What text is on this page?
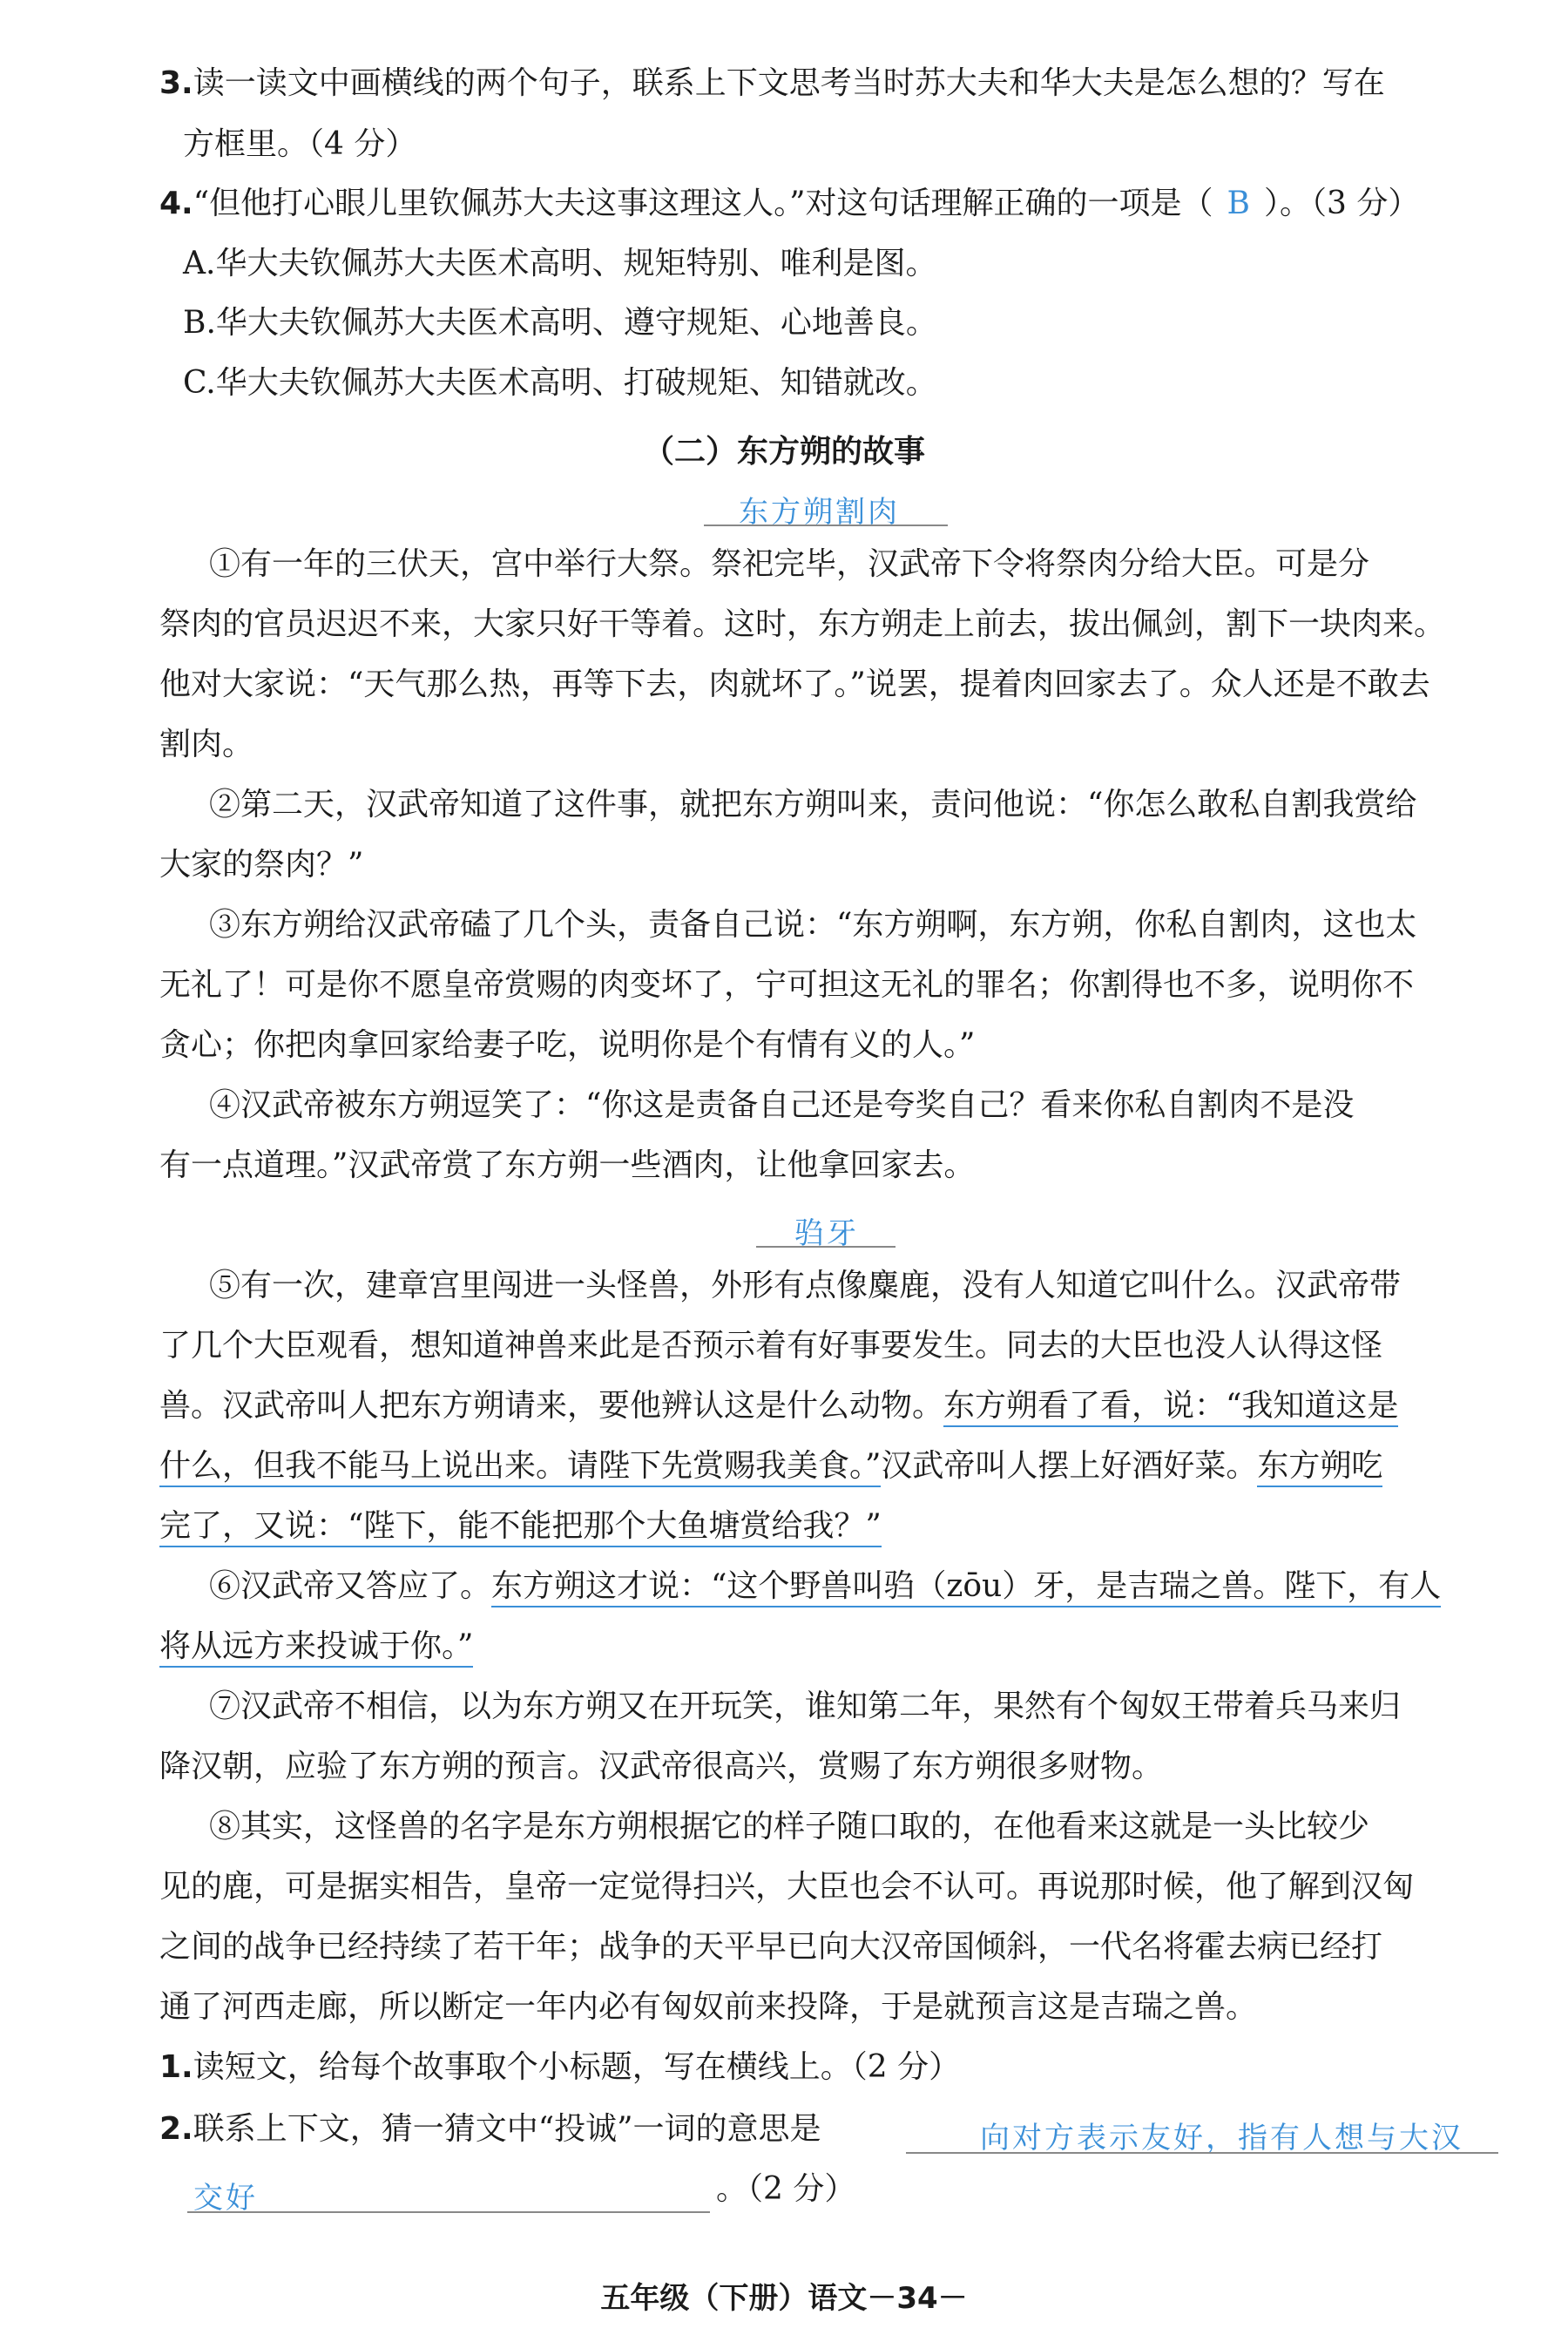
3.读一读文中画横线的两个句子，联系上下文思考当时苏大夫和华大夫是怎么想的？写在
方框里。（4 分）
4.“但他打心眼儿里钦佩苏大夫这事这理这人。”对这句话理解正确的一项是（ B ）。（3 分）
A.华大夫钦佩苏大夫医术高明、规矩特别、唯利是图。
B.华大夫钦佩苏大夫医术高明、遵守规矩、心地善良。
C.华大夫钦佩苏大夫医术高明、打破规矩、知错就改。
（二）东方朔的故事
东方朔割肉
①有一年的三伏天，宫中举行大祭。祭祀完毕，汉武帝下令将祭肉分给大臣。可是分
祭肉的官员迟迟不来，大家只好干等着。这时，东方朔走上前去，拔出佩剑，割下一块肉来。
他对大家说：“天气那么热，再等下去，肉就坏了。”说罢，提着肉回家去了。众人还是不敢去
割肉。
②第二天，汉武帝知道了这件事，就把东方朔叫来，责问他说：“你怎么敢私自割我赏给
大家的祭肉？”
③东方朔给汉武帝磕了几个头，责备自己说：“东方朔啊，东方朔，你私自割肉，这也太
无礼了！可是你不愿皇帝赏赐的肉变坏了，宁可担这无礼的罪名；你割得也不多，说明你不
贪心；你把肉拿回家给妻子吃，说明你是个有情有义的人。”
④汉武帝被东方朔逗笑了：“你这是责备自己还是夸奖自己？看来你私自割肉不是没
有一点道理。”汉武帝赏了东方朔一些酒肉，让他拿回家去。
驺牙
⑤有一次，建章宫里闯进一头怪兽，外形有点像麋鹿，没有人知道它叫什么。汉武帝带
了几个大臣观看，想知道神兽来此是否预示着有好事要发生。同去的大臣也没人认得这怪
兽。汉武帝叫人把东方朔请来，要他辨认这是什么动物。东方朔看了看，说：“我知道这是
什么，但我不能马上说出来。请陛下先赏赐我美食。”汉武帝叫人摆上好酒好菜。东方朔吃
完了，又说：“陛下，能不能把那个大鱼塘赏给我？”
⑥汉武帝又答应了。东方朔这才说：“这个野兽叫驺（zōu）牙，是吉瑞之兽。陛下，有人
将从远方来投诚于你。”
⑦汉武帝不相信，以为东方朔又在开玩笑，谁知第二年，果然有个匈奴王带着兵马来归
降汉朝，应验了东方朔的预言。汉武帝很高兴，赏赐了东方朔很多财物。
⑧其实，这怪兽的名字是东方朔根据它的样子随口取的，在他看来这就是一头比较少
见的鹿，可是据实相告，皇帝一定觉得扫兴，大臣也会不认可。再说那时候，他了解到汉匈
之间的战争已经持续了若干年；战争的天平早已向大汉帝国倾斜，一代名将霍去病已经打
通了河西走廊，所以断定一年内必有匈奴前来投降，于是就预言这是吉瑞之兽。
1.读短文，给每个故事取个小标题，写在横线上。（2 分）
2.联系上下文，猜一猜文中“投诚”一词的意思是	向对方表示友好，指有人想与大汉
交好	。（2 分）
五年级（下册）语文－34－
